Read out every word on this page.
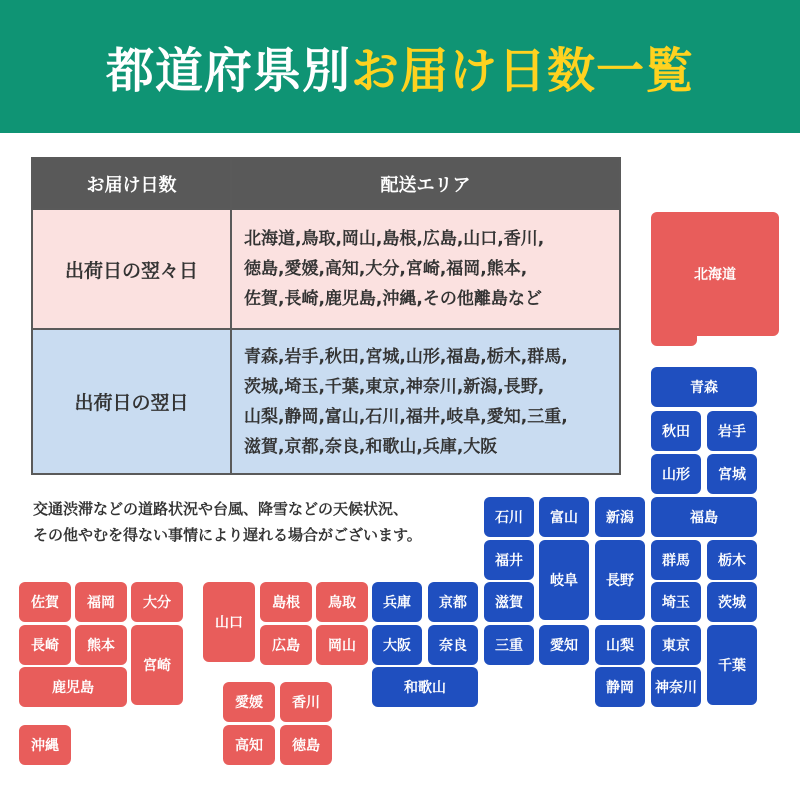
都道府県別 お届け日数一覧
お届け日数	配送エリア
出荷日の翌々日	北海道,鳥取,岡山,島根,広島,山口,香川,
徳島,愛媛,高知,大分,宮崎,福岡,熊本,
佐賀,長崎,鹿児島,沖縄,その他離島など

出荷日の翌日	青森,岩手,秋田,宮城,山形,福島,栃木,群馬,
茨城,埼玉,千葉,東京,神奈川,新潟,長野,
山梨,静岡,富山,石川,福井,岐阜,愛知,三重,
滋賀,京都,奈良,和歌山,兵庫,大阪
交通渋滞などの道路状況や台風、降雪などの天候状況、
その他やむを得ない事情により遅れる場合がございます。
北海道
青森
秋田	岩手
山形	宮城
石川	富山	新潟	福島
福井
岐阜	長野
群馬	栃木
滋賀	埼玉	茨城
兵庫	京都
大阪	奈良	三重	愛知	山梨	東京
千葉
和歌山	静岡	神奈川
山口
島根	鳥取
広島	岡山
愛媛	香川
高知	徳島
佐賀	福岡	大分
長崎	熊本
宮崎
鹿児島
沖縄
